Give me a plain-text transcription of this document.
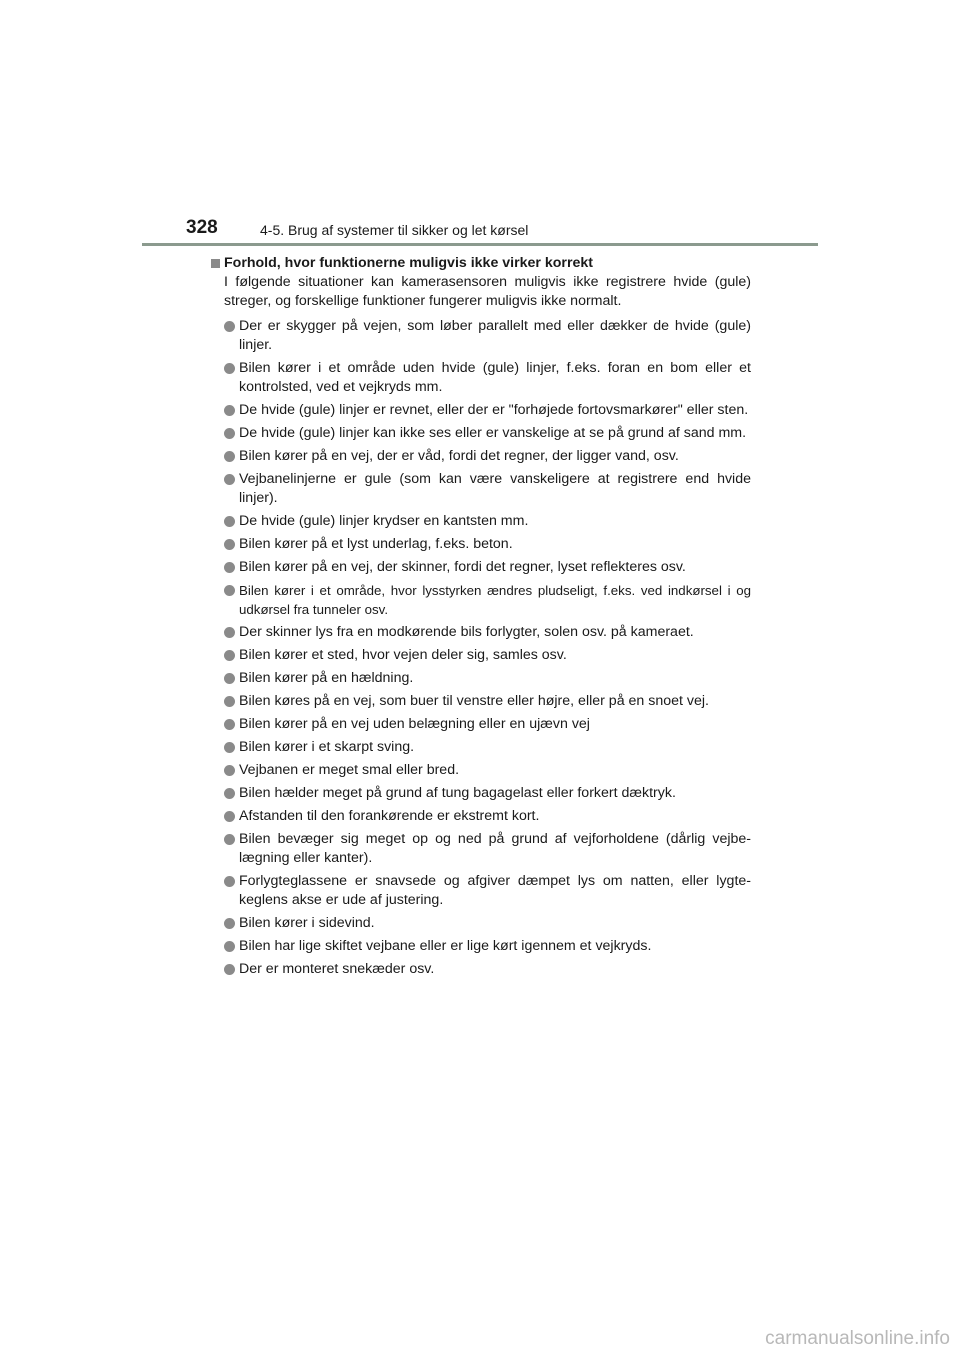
328	4-5. Brug af systemer til sikker og let kørsel
Forhold, hvor funktionerne muligvis ikke virker korrekt
I følgende situationer kan kamerasensoren muligvis ikke registrere hvide (gule) streger, og forskellige funktioner fungerer muligvis ikke normalt.
Der er skygger på vejen, som løber parallelt med eller dækker de hvide (gule) linjer.
Bilen kører i et område uden hvide (gule) linjer, f.eks. foran en bom eller et kontrolsted, ved et vejkryds mm.
De hvide (gule) linjer er revnet, eller der er "forhøjede fortovsmarkører" eller sten.
De hvide (gule) linjer kan ikke ses eller er vanskelige at se på grund af sand mm.
Bilen kører på en vej, der er våd, fordi det regner, der ligger vand, osv.
Vejbanelinjerne er gule (som kan være vanskeligere at registrere end hvide linjer).
De hvide (gule) linjer krydser en kantsten mm.
Bilen kører på et lyst underlag, f.eks. beton.
Bilen kører på en vej, der skinner, fordi det regner, lyset reflekteres osv.
Bilen kører i et område, hvor lysstyrken ændres pludseligt, f.eks. ved indkørsel i og udkørsel fra tunneler osv.
Der skinner lys fra en modkørende bils forlygter, solen osv. på kameraet.
Bilen kører et sted, hvor vejen deler sig, samles osv.
Bilen kører på en hældning.
Bilen køres på en vej, som buer til venstre eller højre, eller på en snoet vej.
Bilen kører på en vej uden belægning eller en ujævn vej
Bilen kører i et skarpt sving.
Vejbanen er meget smal eller bred.
Bilen hælder meget på grund af tung bagagelast eller forkert dæktryk.
Afstanden til den forankørende er ekstremt kort.
Bilen bevæger sig meget op og ned på grund af vejforholdene (dårlig vejbe-lægning eller kanter).
Forlygteglassene er snavsede og afgiver dæmpet lys om natten, eller lygte-keglens akse er ude af justering.
Bilen kører i sidevind.
Bilen har lige skiftet vejbane eller er lige kørt igennem et vejkryds.
Der er monteret snekæder osv.
carmanualsonline.info
